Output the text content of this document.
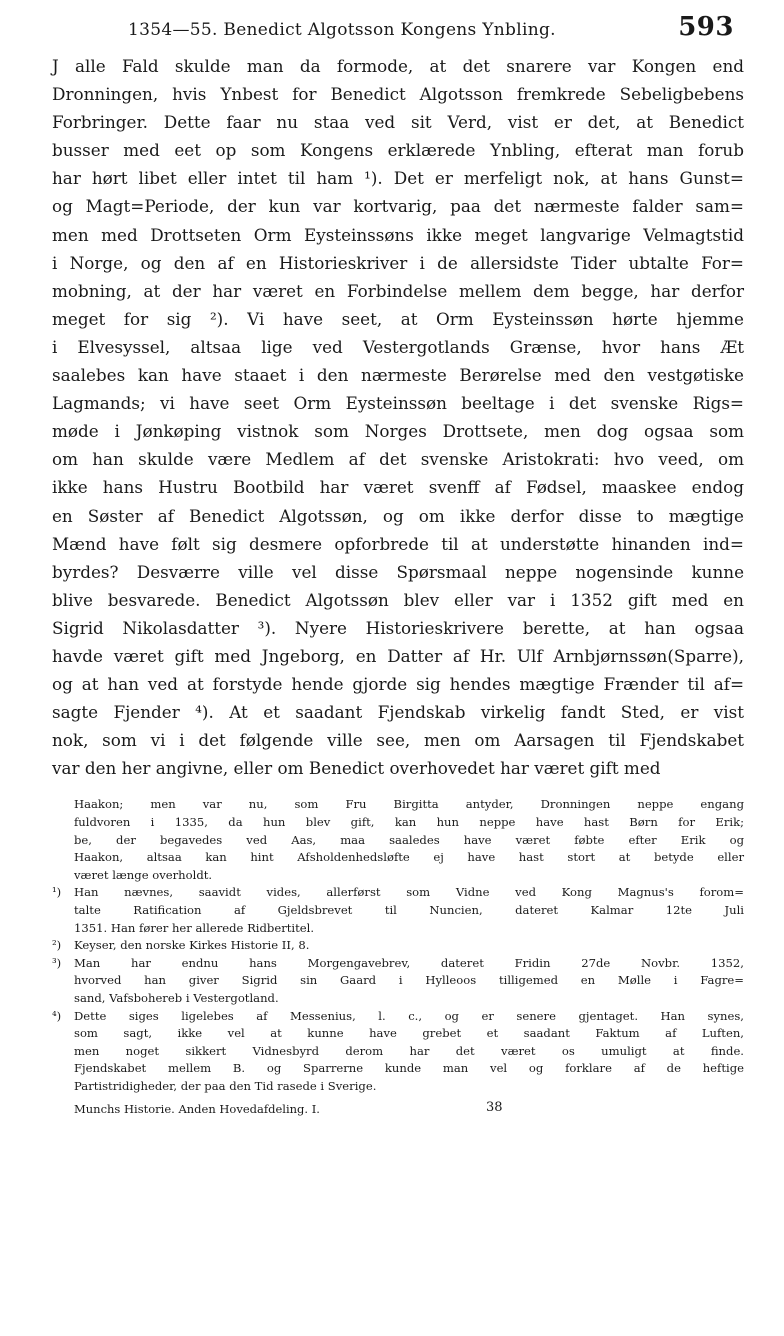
1354—55. Benedict Algotsson Kongens Ynbling.	593
J alle Fald skulde man da formode, at det snarere var Kongen end
Dronningen, hvis Ynbest for Benedict Algotsson fremkrede Sebeligbebens
Forbringer. Dette faar nu staa ved sit Verd, vist er det, at Benedict
busser med eet op som Kongens erklærede Ynbling, efterat man forub
har hørt libet eller intet til ham ¹). Det er merfeligt nok, at hans Gunst=
og Magt=Periode, der kun var kortvarig, paa det nærmeste falder sam=
men med Drottseten Orm Eysteinssøns ikke meget langvarige Velmagtstid
i Norge, og den af en Historieskriver i de allersidste Tider ubtalte For=
mobning, at der har været en Forbindelse mellem dem begge, har derfor
meget for sig ²). Vi have seet, at Orm Eysteinssøn hørte hjemme
i Elvesyssel, altsaa lige ved Vestergotlands Grænse, hvor hans Æt
saalebes kan have staaet i den nærmeste Berørelse med den vestgøtiske
Lagmands; vi have seet Orm Eysteinssøn beeltage i det svenske Rigs=
møde i Jønkøping vistnok som Norges Drottsete, men dog ogsaa som
om han skulde være Medlem af det svenske Aristokrati: hvo veed, om
ikke hans Hustru Bootbild har været svenff af Fødsel, maaskee endog
en Søster af Benedict Algotssøn, og om ikke derfor disse to mægtige
Mænd have følt sig desmere opforbrede til at understøtte hinanden ind=
byrdes? Desværre ville vel disse Spørsmaal neppe nogensinde kunne
blive besvarede. Benedict Algotssøn blev eller var i 1352 gift med en
Sigrid Nikolasdatter ³). Nyere Historieskrivere berette, at han ogsaa
havde været gift med Jngeborg, en Datter af Hr. Ulf Arnbjørnssøn(Sparre),
og at han ved at forstyde hende gjorde sig hendes mægtige Frænder til af=
sagte Fjender ⁴). At et saadant Fjendskab virkelig fandt Sted, er vist
nok, som vi i det følgende ville see, men om Aarsagen til Fjendskabet
var den her angivne, eller om Benedict overhovedet har været gift med
Haakon; men var nu, som Fru Birgitta antyder, Dronningen neppe engang
fuldvoren i 1335, da hun blev gift, kan hun neppe have hast Børn for Erik;
be, der begavedes ved Aas, maa saaledes have været føbte efter Erik og
Haakon, altsaa kan hint Afsholdenhedsløfte ej have hast stort at betyde eller
været længe overholdt.
¹) Han nævnes, saavidt vides, allerførst som Vidne ved Kong Magnus's forom=
talte Ratification af Gjeldsbrevet til Nuncien, dateret Kalmar 12te Juli
1351. Han fører her allerede Ridbertitel.
²) Keyser, den norske Kirkes Historie II, 8.
³) Man har endnu hans Morgengavebrev, dateret Fridin 27de Novbr. 1352,
hvorved han giver Sigrid sin Gaard i Hylleoos tilligemed en Mølle i Fagre=
sand, Vafsbohereb i Vestergotland.
⁴) Dette siges ligelebes af Messenius, l. c., og er senere gjentaget. Han synes,
som sagt, ikke vel at kunne have grebet et saadant Faktum af Luften,
men noget sikkert Vidnesbyrd derom har det været os umuligt at finde.
Fjendskabet mellem B. og Sparrerne kunde man vel og forklare af de heftige
Partistridigheder, der paa den Tid rasede i Sverige.
Munchs Historie. Anden Hovedafdeling. I.	38
